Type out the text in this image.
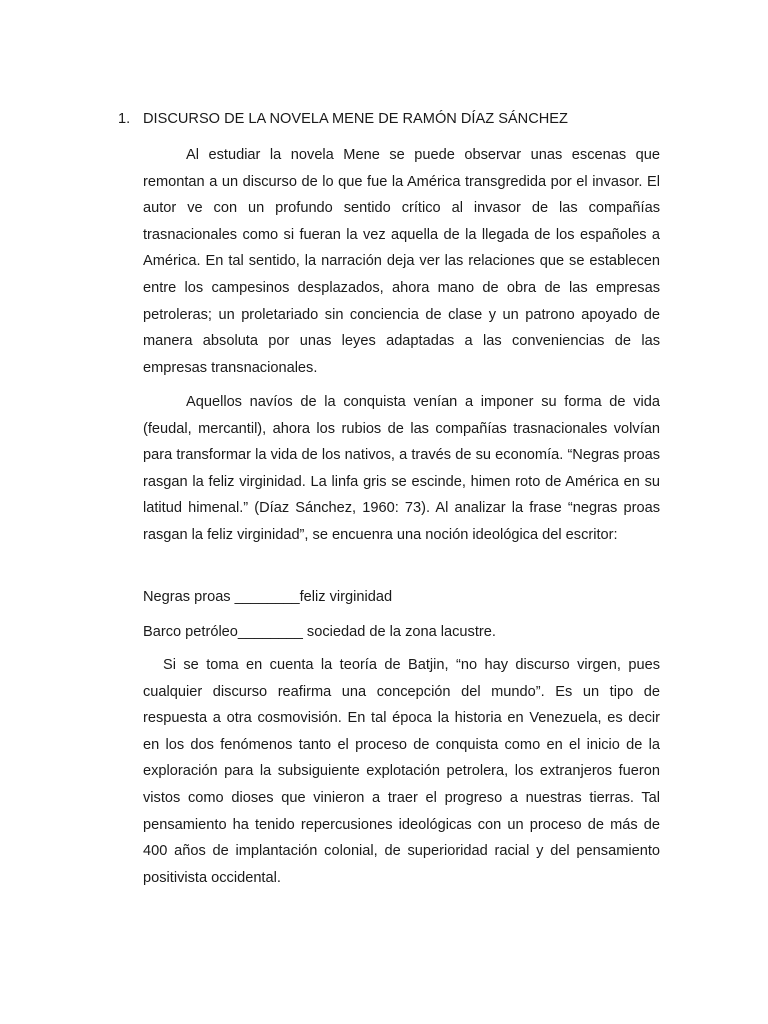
1. DISCURSO DE LA NOVELA MENE DE RAMÓN DÍAZ SÁNCHEZ

Al estudiar la novela Mene se puede observar unas escenas que remontan a un discurso de lo que fue la América transgredida por el invasor. El autor ve con un profundo sentido crítico al invasor de las compañías trasnacionales como si fueran la vez aquella de la llegada de los españoles a América. En tal sentido, la narración deja ver las relaciones que se establecen entre los campesinos desplazados, ahora mano de obra de las empresas petroleras; un proletariado sin conciencia de clase y un patrono apoyado de manera absoluta por unas leyes adaptadas a las conveniencias de las empresas transnacionales.

Aquellos navíos de la conquista venían a imponer su forma de vida (feudal, mercantil), ahora los rubios de las compañías trasnacionales volvían para transformar la vida de los nativos, a través de su economía. “Negras proas rasgan la feliz virginidad. La linfa gris se escinde, himen roto de América en su latitud himenal.” (Díaz Sánchez, 1960: 73). Al analizar la frase “negras proas rasgan la feliz virginidad”, se encuenra una noción ideológica del escritor:

Negras proas ________feliz virginidad

Barco petróleo________ sociedad de la zona lacustre.

Si se toma en cuenta la teoría de Batjin, “no hay discurso virgen, pues cualquier discurso reafirma una concepción del mundo”. Es un tipo de respuesta a otra cosmovisión. En tal época la historia en Venezuela, es decir en los dos fenómenos tanto el proceso de conquista como en el inicio de la exploración para la subsiguiente explotación petrolera, los extranjeros fueron vistos como dioses que vinieron a traer el progreso a nuestras tierras. Tal pensamiento ha tenido repercusiones ideológicas con un proceso de más de 400 años de implantación colonial, de superioridad racial y del pensamiento positivista occidental.
